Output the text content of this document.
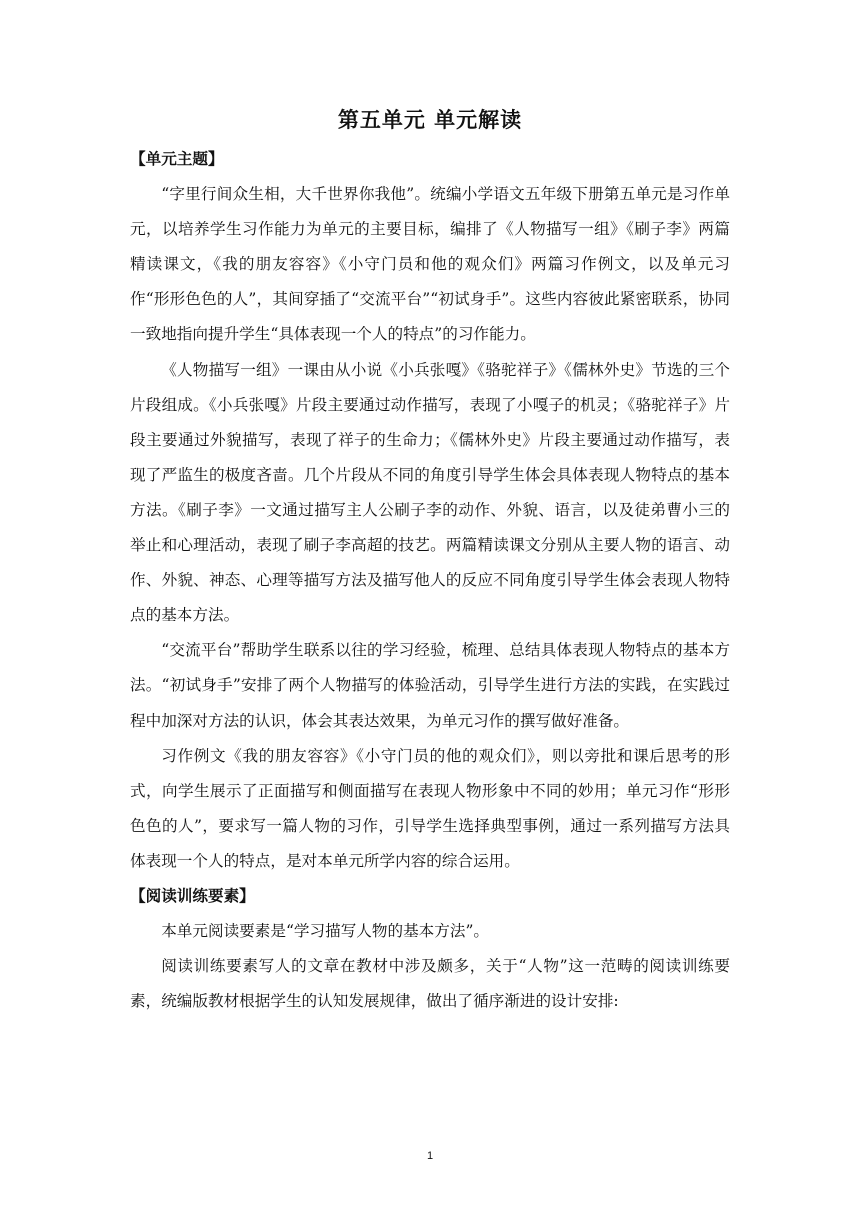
第五单元 单元解读
【单元主题】

“字里行间众生相，大千世界你我他”。统编小学语文五年级下册第五单元是习作单元，以培养学生习作能力为单元的主要目标，编排了《人物描写一组》《刷子李》两篇精读课文，《我的朋友容容》《小守门员和他的观众们》两篇习作例文，以及单元习作“形形色色的人”，其间穿插了“交流平台”“初试身手”。这些内容彼此紧密联系，协同一致地指向提升学生“具体表现一个人的特点”的习作能力。

《人物描写一组》一课由从小说《小兵张嘎》《骆驼祥子》《儒林外史》节选的三个片段组成。《小兵张嘎》片段主要通过动作描写，表现了小嘎子的机灵；《骆驼祥子》片段主要通过外貌描写，表现了祥子的生命力；《儒林外史》片段主要通过动作描写，表现了严监生的极度吝啬。几个片段从不同的角度引导学生体会具体表现人物特点的基本方法。《刷子李》一文通过描写主人公刷子李的动作、外貌、语言，以及徒弟曹小三的举止和心理活动，表现了刷子李高超的技艺。两篇精读课文分别从主要人物的语言、动作、外貌、神态、心理等描写方法及描写他人的反应不同角度引导学生体会表现人物特点的基本方法。

“交流平台”帮助学生联系以往的学习经验，梳理、总结具体表现人物特点的基本方法。“初试身手”安排了两个人物描写的体验活动，引导学生进行方法的实践，在实践过程中加深对方法的认识，体会其表达效果，为单元习作的撰写做好准备。

习作例文《我的朋友容容》《小守门员的他的观众们》，则以旁批和课后思考的形式，向学生展示了正面描写和侧面描写在表现人物形象中不同的妙用；单元习作“形形色色的人”，要求写一篇人物的习作，引导学生选择典型事例，通过一系列描写方法具体表现一个人的特点，是对本单元所学内容的综合运用。

【阅读训练要素】

本单元阅读要素是“学习描写人物的基本方法”。

阅读训练要素写人的文章在教材中涉及颇多，关于“人物”这一范畴的阅读训练要素，统编版教材根据学生的认知发展规律，做出了循序渐进的设计安排:

1
